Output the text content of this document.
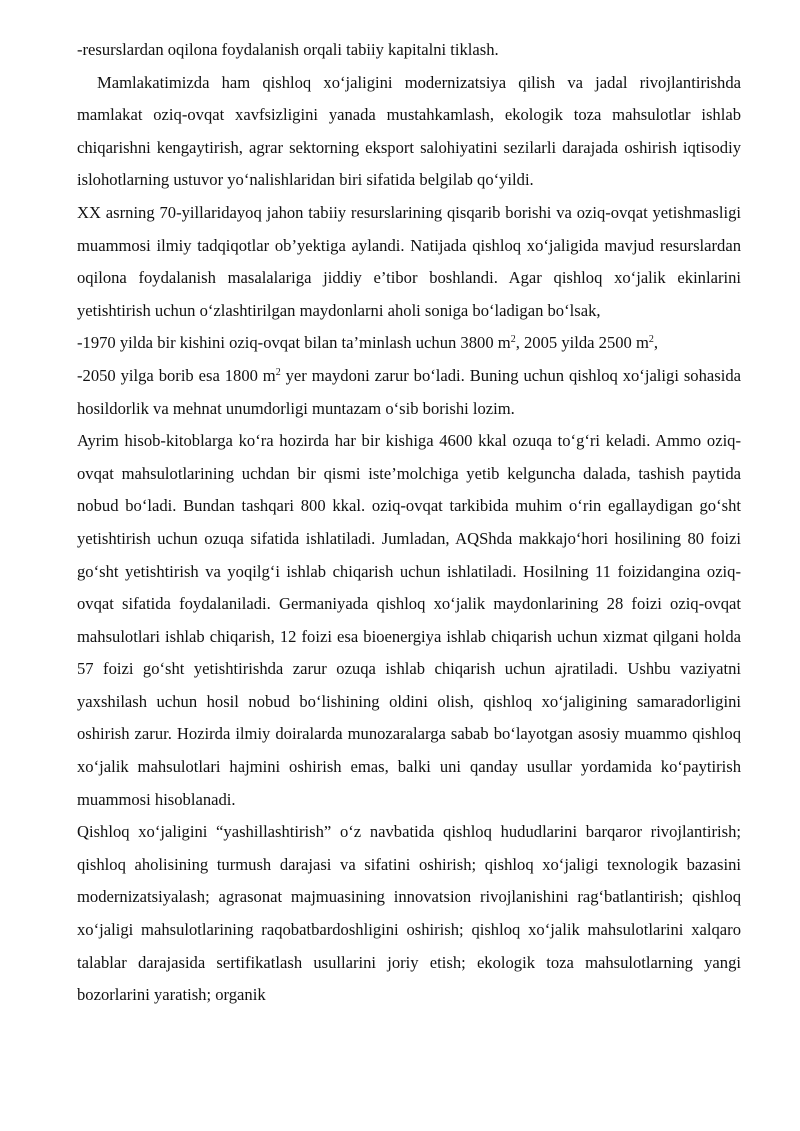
-resurslardan oqilona foydalanish orqali tabiiy kapitalni tiklash.

Mamlakatimizda ham qishloq xo‘jaligini modernizatsiya qilish va jadal rivojlantirishda mamlakat oziq-ovqat xavfsizligini yanada mustahkamlash, ekologik toza mahsulotlar ishlab chiqarishni kengaytirish, agrar sektorning eksport salohiyatini sezilarli darajada oshirish iqtisodiy islohotlarning ustuvor yo‘nalishlaridan biri sifatida belgilab qo‘yildi.

XX asrning 70-yillaridayoq jahon tabiiy resurslarining qisqarib borishi va oziq-ovqat yetishmasligi muammosi ilmiy tadqiqotlar ob’yektiga aylandi. Natijada qishloq xo‘jaligida mavjud resurslardan oqilona foydalanish masalalariga jiddiy e’tibor boshlandi. Agar qishloq xo‘jalik ekinlarini yetishtirish uchun o‘zlashtirilgan maydonlarni aholi soniga bo‘ladigan bo‘lsak,

-1970 yilda bir kishini oziq-ovqat bilan ta’minlash uchun 3800 $m^2$, 2005 yilda 2500 $m^2$,

-2050 yilga borib esa 1800 $m^2$ yer maydoni zarur bo‘ladi. Buning uchun qishloq xo‘jaligi sohasida hosildorlik va mehnat unumdorligi muntazam o‘sib borishi lozim.

Ayrim hisob-kitoblarga ko‘ra hozirda har bir kishiga 4600 kkal ozuqa to‘g‘ri keladi. Ammo oziq-ovqat mahsulotlarining uchdan bir qismi iste’molchiga yetib kelguncha dalada, tashish paytida nobud bo‘ladi. Bundan tashqari 800 kkal. oziq-ovqat tarkibida muhim o‘rin egallaydigan go‘sht yetishtirish uchun ozuqa sifatida ishlatiladi. Jumladan, AQShda makkajo‘hori hosilining 80 foizi go‘sht yetishtirish va yoqilg‘i ishlab chiqarish uchun ishlatiladi. Hosilning 11 foizidangina oziq-ovqat sifatida foydalaniladi. Germaniyada qishloq xo‘jalik maydonlarining 28 foizi oziq-ovqat mahsulotlari ishlab chiqarish, 12 foizi esa bioenergiya ishlab chiqarish uchun xizmat qilgani holda 57 foizi go‘sht yetishtirishda zarur ozuqa ishlab chiqarish uchun ajratiladi. Ushbu vaziyatni yaxshilash uchun hosil nobud bo‘lishining oldini olish, qishloq xo‘jaligining samaradorligini oshirish zarur. Hozirda ilmiy doiralarda munozaralarga sabab bo‘layotgan asosiy muammo qishloq xo‘jalik mahsulotlari hajmini oshirish emas, balki uni qanday usullar yordamida ko‘paytirish muammosi hisoblanadi.

Qishloq xo‘jaligini “yashillashtirish” o‘z navbatida qishloq hududlarini barqaror rivojlantirish; qishloq aholisining turmush darajasi va sifatini oshirish; qishloq xo‘jaligi texnologik bazasini modernizatsiyalash; agrasonat majmuasining innovatsion rivojlanishini rag‘batlantirish; qishloq xo‘jaligi mahsulotlarining raqobatbardoshligini oshirish; qishloq xo‘jalik mahsulotlarini xalqaro talablar darajasida sertifikatlash usullarini joriy etish; ekologik toza mahsulotlarning yangi bozorlarini yaratish; organik
